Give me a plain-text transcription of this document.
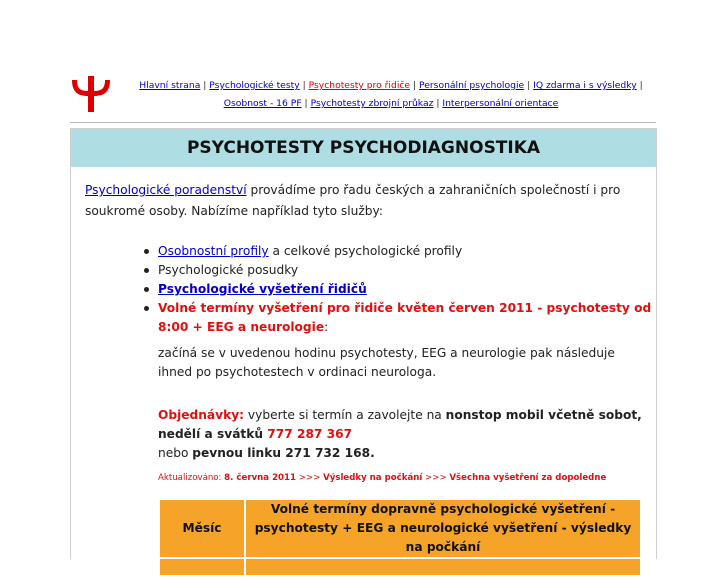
Hlavní strana | Psychologické testy | Psychotesty pro řidiče | Personální psychologie | IQ zdarma i s výsledky | Osobnost - 16 PF | Psychotesty zbrojní průkaz | Interpersonální orientace
PSYCHOTESTY PSYCHODIAGNOSTIKA
Psychologické poradenství provádíme pro řadu českých a zahraničních společností i pro soukromé osoby. Nabízíme například tyto služby:
Osobnostní profily a celkové psychologické profily
Psychologické posudky
Psychologické vyšetření řidičů
Volné termíny vyšetření pro řidiče květen červen 2011 - psychotesty od 8:00 + EEG a neurologie:
začíná se v uvedenou hodinu psychotesty, EEG a neurologie pak následuje ihned po psychotestech v ordinaci neurologa.
Objednávky: vyberte si termín a zavolejte na nonstop mobil včetně sobot, nedělí a svátků 777 287 367
nebo pevnou linku 271 732 168.
Aktualizováno: 8. června 2011 >>> Výsledky na počkání >>> Všechna vyšetření za dopoledne
Měsíc	Volné termíny dopravně psychologické vyšetření - psychotesty + EEG a neurologické vyšetření - výsledky na počkání
